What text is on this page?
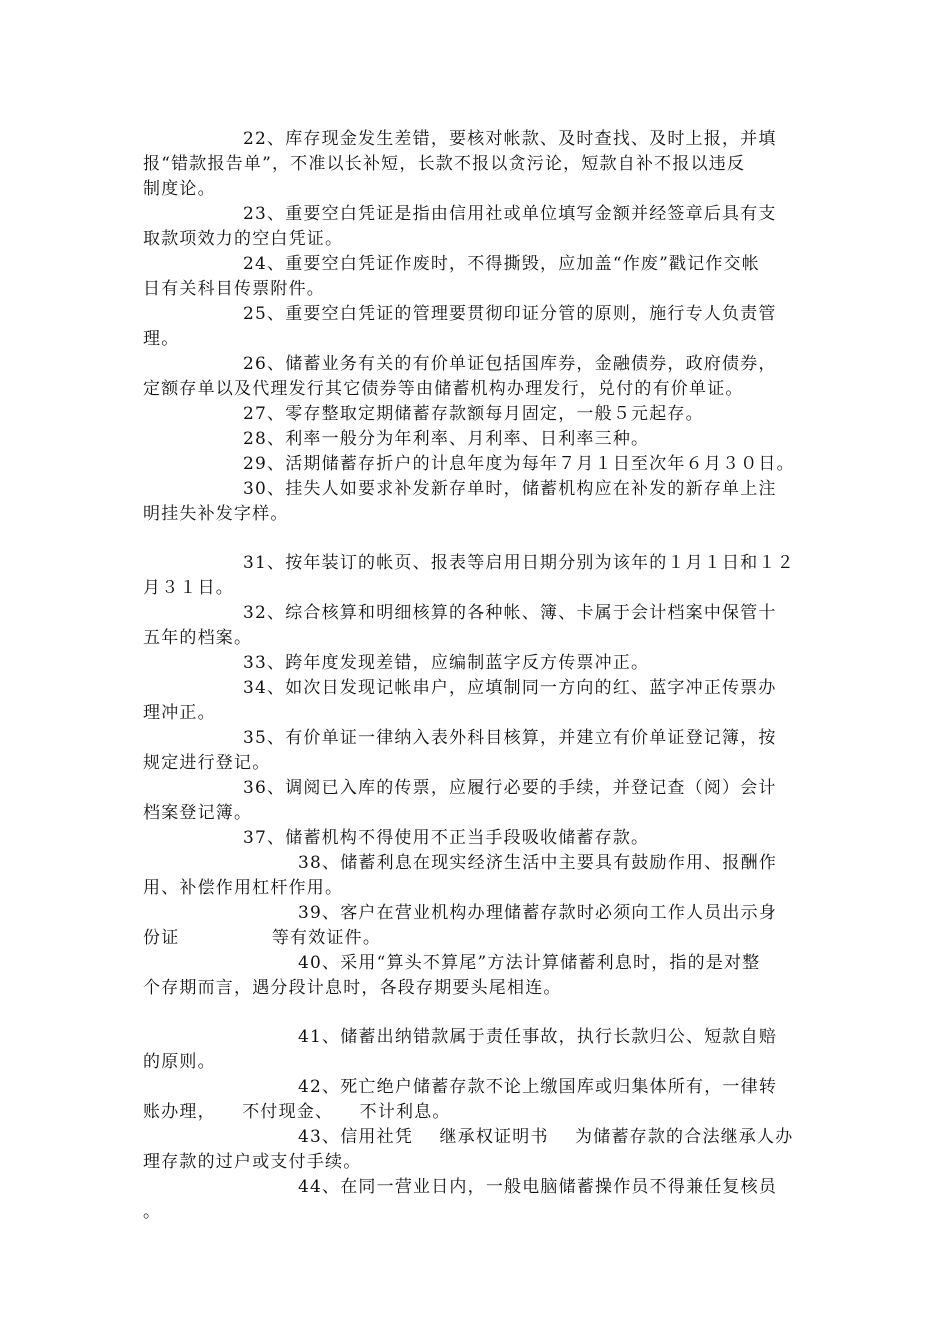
22、库存现金发生差错，要核对帐款、及时查找、及时上报，并填
报“错款报告单”，不准以长补短，长款不报以贪污论，短款自补不报以违反
制度论。
23、重要空白凭证是指由信用社或单位填写金额并经签章后具有支
取款项效力的空白凭证。
24、重要空白凭证作废时，不得撕毁，应加盖“作废”戳记作交帐
日有关科目传票附件。
25、重要空白凭证的管理要贯彻印证分管的原则，施行专人负责管
理。
26、储蓄业务有关的有价单证包括国库券，金融债券，政府债券，
定额存单以及代理发行其它债券等由储蓄机构办理发行，兑付的有价单证。
27、零存整取定期储蓄存款额每月固定，一般５元起存。
28、利率一般分为年利率、月利率、日利率三种。
29、活期储蓄存折户的计息年度为每年７月１日至次年６月３０日。
30、挂失人如要求补发新存单时，储蓄机构应在补发的新存单上注
明挂失补发字样。
31、按年装订的帐页、报表等启用日期分别为该年的１月１日和１２
月３１日。
32、综合核算和明细核算的各种帐、簿、卡属于会计档案中保管十
五年的档案。
33、跨年度发现差错，应编制蓝字反方传票冲正。
34、如次日发现记帐串户，应填制同一方向的红、蓝字冲正传票办
理冲正。
35、有价单证一律纳入表外科目核算，并建立有价单证登记簿，按
规定进行登记。
36、调阅已入库的传票，应履行必要的手续，并登记查（阅）会计
档案登记簿。
37、储蓄机构不得使用不正当手段吸收储蓄存款。
38、储蓄利息在现实经济生活中主要具有鼓励作用、报酬作
用、补偿作用杠杆作用。
39、客户在营业机构办理储蓄存款时必须向工作人员出示身
份证              等有效证件。
40、采用“算头不算尾”方法计算储蓄利息时，指的是对整
个存期而言，遇分段计息时，各段存期要头尾相连。
41、储蓄出纳错款属于责任事故，执行长款归公、短款自赔
的原则。
42、死亡绝户储蓄存款不论上缴国库或归集体所有，一律转
账办理，    不付现金、    不计利息。
43、信用社凭    继承权证明书    为储蓄存款的合法继承人办
理存款的过户或支付手续。
44、在同一营业日内，一般电脑储蓄操作员不得兼任复核员
。
